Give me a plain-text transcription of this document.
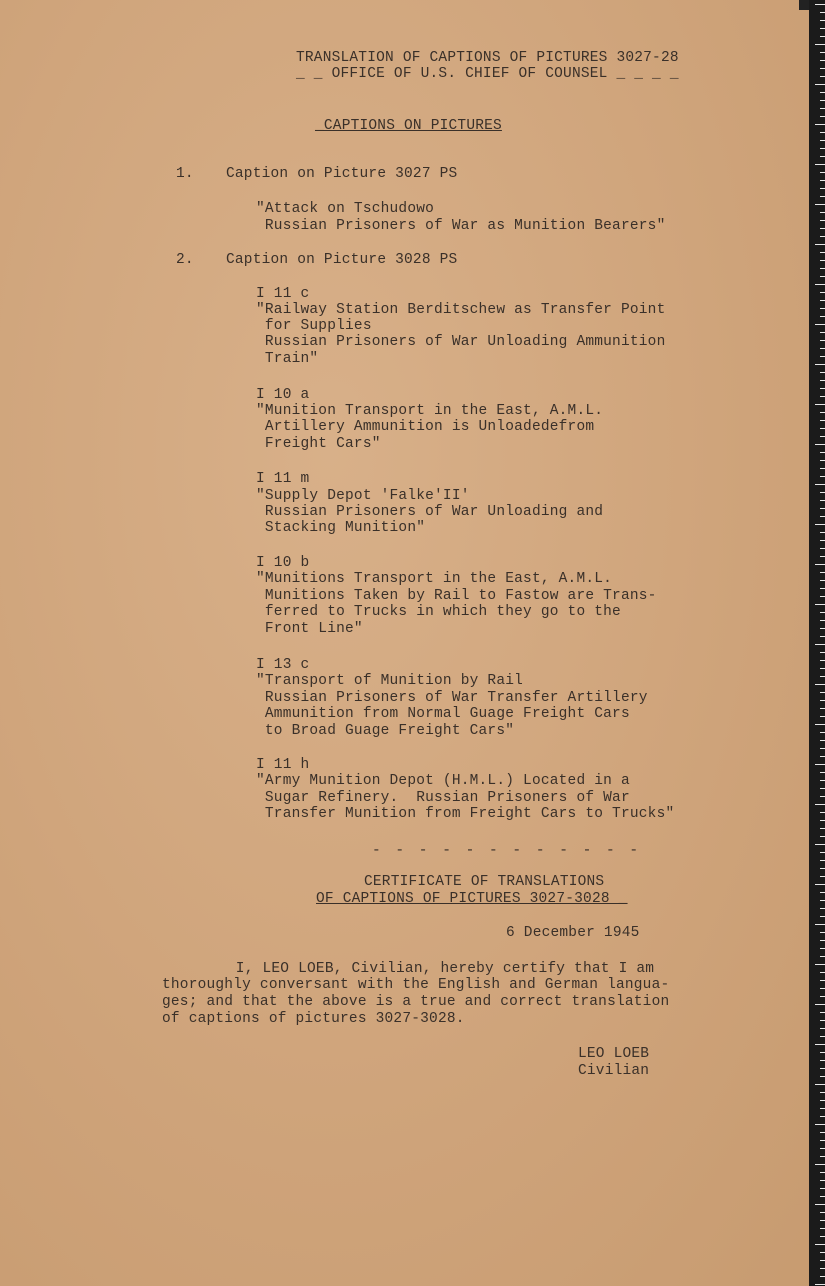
TRANSLATION OF CAPTIONS OF PICTURES 3027-28
_ _ OFFICE OF U.S. CHIEF OF COUNSEL _ _ _ _
_CAPTIONS ON PICTURES
1. Caption on Picture 3027 PS
"Attack on Tschudowo
Russian Prisoners of War as Munition Bearers"
2. Caption on Picture 3028 PS
I 11 c
"Railway Station Berditschew as Transfer Point
for Supplies
Russian Prisoners of War Unloading Ammunition
Train"
I 10 a
"Munition Transport in the East, A.M.L.
Artillery Ammunition is Unloadedefrom
Freight Cars"
I 11 m
"Supply Depot 'Falke'II'
Russian Prisoners of War Unloading and
Stacking Munition"
I 10 b
"Munitions Transport in the East, A.M.L.
Munitions Taken by Rail to Fastow are Trans-
ferred to Trucks in which they go to the
Front Line"
I 13 c
"Transport of Munition by Rail
Russian Prisoners of War Transfer Artillery
Ammunition from Normal Guage Freight Cars
to Broad Guage Freight Cars"
I 11 h
"Army Munition Depot (H.M.L.) Located in a
Sugar Refinery.  Russian Prisoners of War
Transfer Munition from Freight Cars to Trucks"
- - - - - - - - - - - -
CERTIFICATE OF TRANSLATIONS
OF CAPTIONS OF PICTURES 3027-3028 _
6 December 1945
I, LEO LOEB, Civilian, hereby certify that I am
thoroughly conversant with the English and German langua-
ges; and that the above is a true and correct translation
of captions of pictures 3027-3028.
LEO LOEB
Civilian
